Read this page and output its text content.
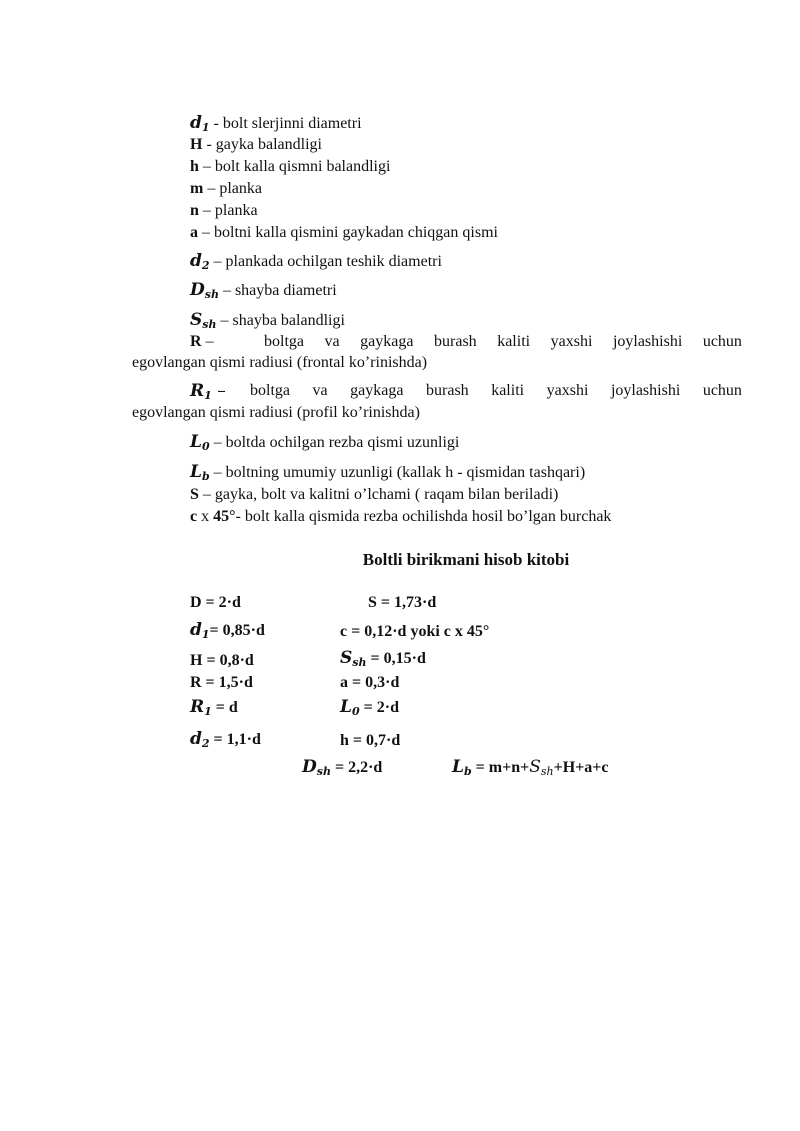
d1 - bolt slerjinni diametri
H - gayka balandligi
h – bolt kalla qismni balandligi
m – planka
n – planka
a – boltni kalla qismini gaykadan chiqgan qismi
d2 – plankada ochilgan teshik diametri
Dsh – shayba diametri
Ssh – shayba balandligi
R –	boltga va gaykaga burash kaliti yaxshi joylashishi uchun
egovlangan qismi radiusi (frontal ko’rinishda)
R1 – boltga va gaykaga burash kaliti yaxshi joylashishi uchun
egovlangan qismi radiusi (profil ko’rinishda)
L0 – boltda ochilgan rezba qismi uzunligi
Lb – boltning umumiy uzunligi (kallak h - qismidan tashqari)
S – gayka, bolt va kalitni o’lchami ( raqam bilan beriladi)
c x 45°- bolt kalla qismida rezba ochilishda hosil bo’lgan burchak
Boltli birikmani hisob kitobi
D = 2·d	S = 1,73·d
d1= 0,85·d	c = 0,12·d yoki c x 45°
H = 0,8·d	Ssh = 0,15·d
R = 1,5·d	a = 0,3·d
R1 = d	L0 = 2·d
d2 = 1,1·d	h = 0,7·d
Dsh = 2,2·d	Lb = m+n+Ssh+H+a+c
